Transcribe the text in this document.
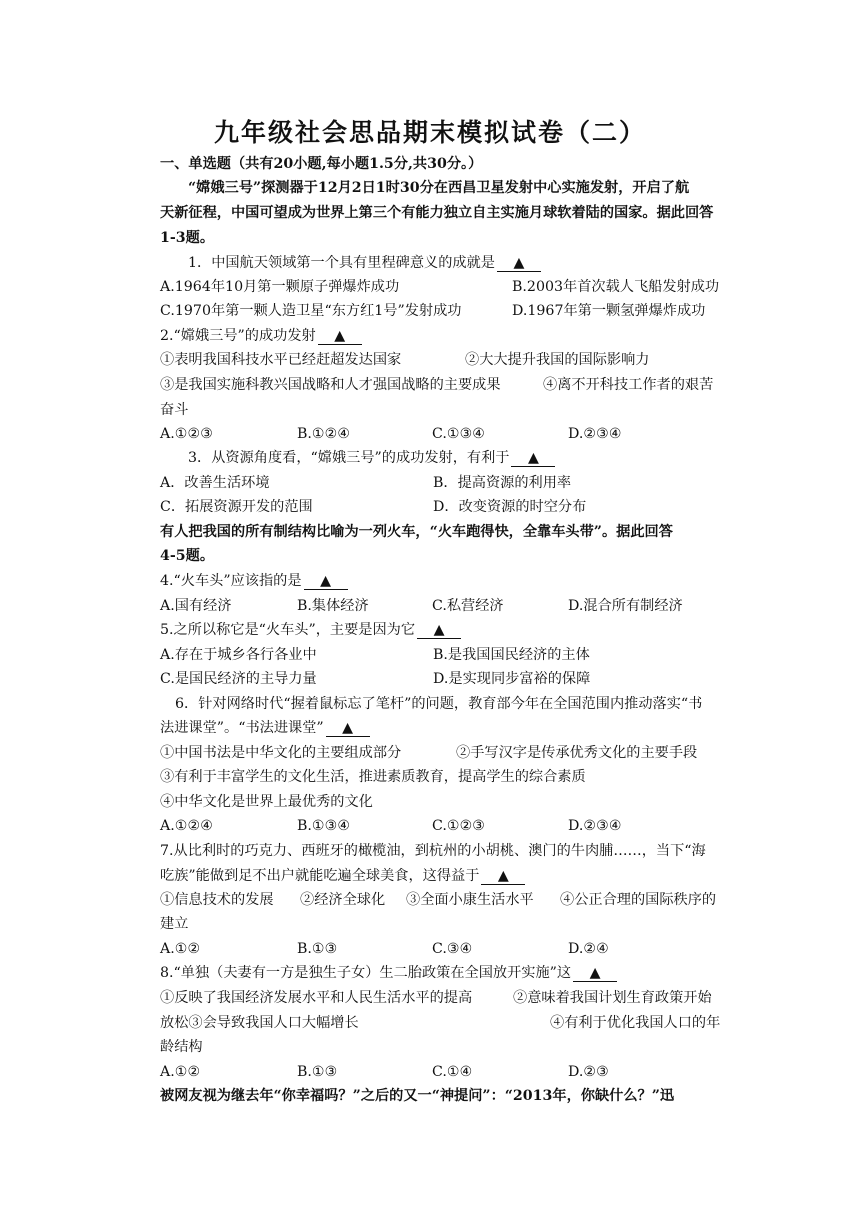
九年级社会思品期末模拟试卷（二）
一、单选题（共有20小题,每小题1.5分,共30分。）
“嫦娥三号”探测器于12月2日1时30分在西昌卫星发射中心实施发射，开启了航
天新征程，中国可望成为世界上第三个有能力独立自主实施月球软着陆的国家。据此回答
1-3题。
1．中国航天领域第一个具有里程碑意义的成就是 ▲
A.1964年10月第一颗原子弹爆炸成功	B.2003年首次载人飞船发射成功
C.1970年第一颗人造卫星“东方红1号”发射成功	D.1967年第一颗氢弹爆炸成功
2.“嫦娥三号”的成功发射 ▲
①表明我国科技水平已经赶超发达国家	②大大提升我国的国际影响力
③是我国实施科教兴国战略和人才强国战略的主要成果	④离不开科技工作者的艰苦
奋斗
A.①②③	B.①②④	C.①③④	D.②③④
3．从资源角度看，“嫦娥三号”的成功发射，有利于 ▲
A．改善生活环境	B．提高资源的利用率
C．拓展资源开发的范围	D．改变资源的时空分布
有人把我国的所有制结构比喻为一列火车，“火车跑得快，全靠车头带”。据此回答
4-5题。
4.“火车头”应该指的是 ▲
A.国有经济	B.集体经济	C.私营经济	D.混合所有制经济
5.之所以称它是“火车头”，主要是因为它 ▲
A.存在于城乡各行各业中	B.是我国国民经济的主体
C.是国民经济的主导力量	D.是实现同步富裕的保障
6．针对网络时代“握着鼠标忘了笔杆”的问题，教育部今年在全国范围内推动落实“书
法进课堂”。“书法进课堂” ▲
①中国书法是中华文化的主要组成部分	②手写汉字是传承优秀文化的主要手段
③有利于丰富学生的文化生活，推进素质教育，提高学生的综合素质
④中华文化是世界上最优秀的文化
A.①②④	B.①③④	C.①②③	D.②③④
7.从比利时的巧克力、西班牙的橄榄油，到杭州的小胡桃、澳门的牛肉脯……，当下“海
吃族”能做到足不出户就能吃遍全球美食，这得益于 ▲
①信息技术的发展 ②经济全球化 ③全面小康生活水平 ④公正合理的国际秩序的
建立
A.①②	B.①③	C.③④	D.②④
8.“单独（夫妻有一方是独生子女）生二胎政策在全国放开实施”这 ▲
①反映了我国经济发展水平和人民生活水平的提高	②意味着我国计划生育政策开始
放松③会导致我国人口大幅增长	④有利于优化我国人口的年
龄结构
A.①②	B.①③	C.①④	D.②③
被网友视为继去年“你幸福吗？”之后的又一“神提问”：“2013年，你缺什么？”迅
